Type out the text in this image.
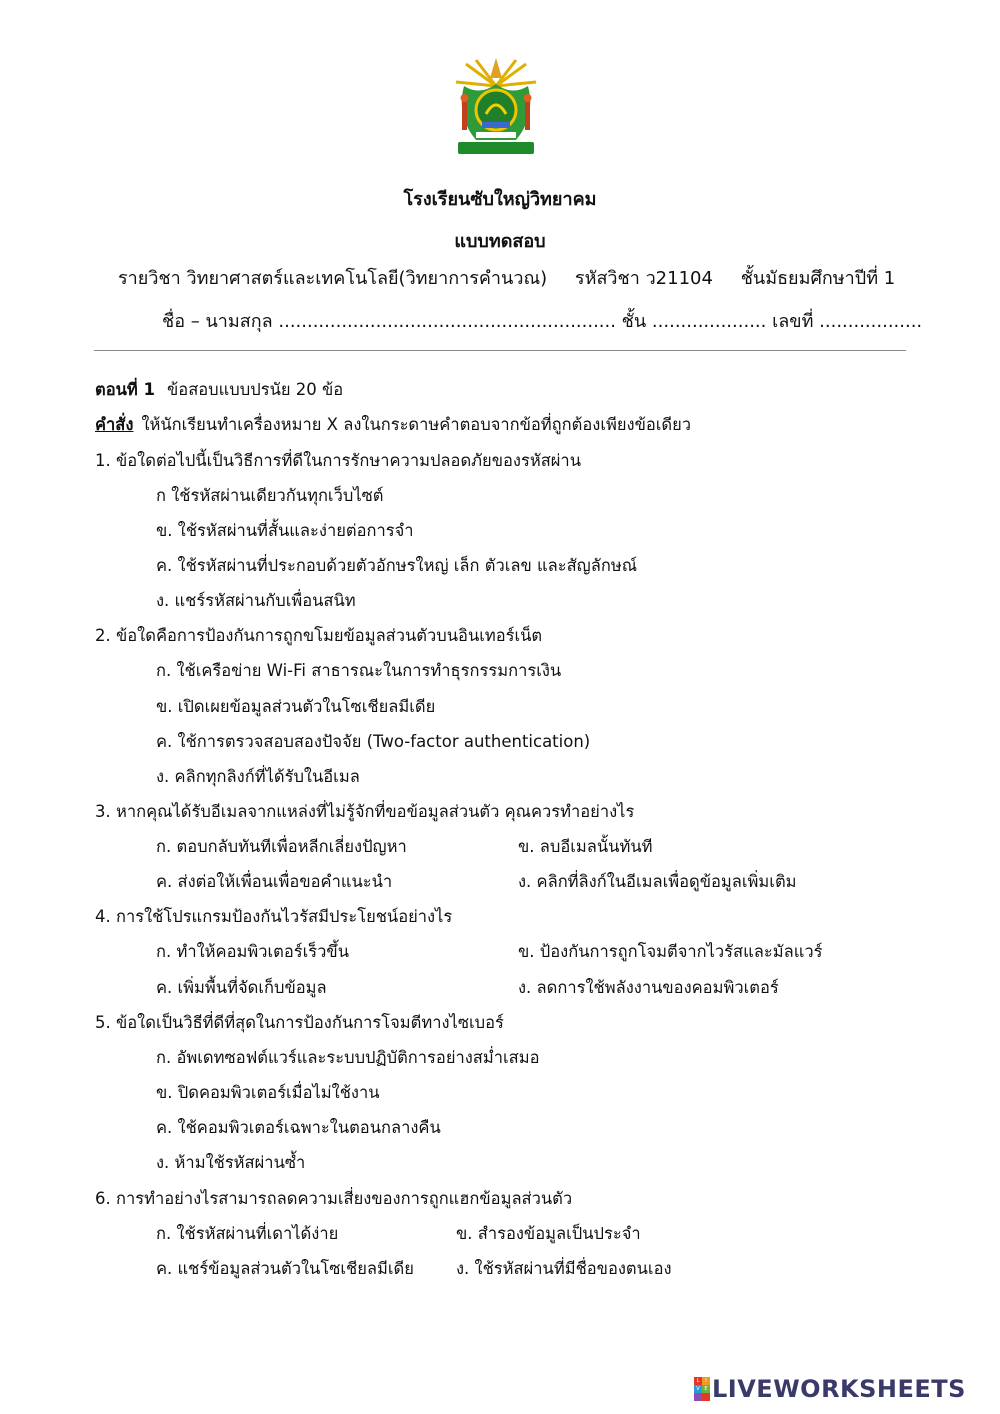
โรงเรียนซับใหญ่วิทยาคม
แบบทดสอบ
รายวิชา วิทยาศาสตร์และเทคโนโลยี(วิทยาการคำนวณ) รหัสวิชา ว21104 ชั้นมัธยมศึกษาปีที่ 1
ชื่อ – นามสกุล ........................................................... ชั้น .................... เลขที่ ..................
ตอนที่ 1 ข้อสอบแบบปรนัย 20 ข้อ
คำสั่ง ให้นักเรียนทำเครื่องหมาย X ลงในกระดาษคำตอบจากข้อที่ถูกต้องเพียงข้อเดียว
1. ข้อใดต่อไปนี้เป็นวิธีการที่ดีในการรักษาความปลอดภัยของรหัสผ่าน
ก ใช้รหัสผ่านเดียวกันทุกเว็บไซต์
ข. ใช้รหัสผ่านที่สั้นและง่ายต่อการจำ
ค. ใช้รหัสผ่านที่ประกอบด้วยตัวอักษรใหญ่ เล็ก ตัวเลข และสัญลักษณ์
ง. แชร์รหัสผ่านกับเพื่อนสนิท
2. ข้อใดคือการป้องกันการถูกขโมยข้อมูลส่วนตัวบนอินเทอร์เน็ต
ก. ใช้เครือข่าย Wi-Fi สาธารณะในการทำธุรกรรมการเงิน
ข. เปิดเผยข้อมูลส่วนตัวในโซเชียลมีเดีย
ค. ใช้การตรวจสอบสองปัจจัย (Two-factor authentication)
ง. คลิกทุกลิงก์ที่ได้รับในอีเมล
3. หากคุณได้รับอีเมลจากแหล่งที่ไม่รู้จักที่ขอข้อมูลส่วนตัว คุณควรทำอย่างไร
ก. ตอบกลับทันทีเพื่อหลีกเลี่ยงปัญหา	ข. ลบอีเมลนั้นทันที
ค. ส่งต่อให้เพื่อนเพื่อขอคำแนะนำ	ง. คลิกที่ลิงก์ในอีเมลเพื่อดูข้อมูลเพิ่มเติม
4. การใช้โปรแกรมป้องกันไวรัสมีประโยชน์อย่างไร
ก. ทำให้คอมพิวเตอร์เร็วขึ้น	ข. ป้องกันการถูกโจมตีจากไวรัสและมัลแวร์
ค. เพิ่มพื้นที่จัดเก็บข้อมูล	ง. ลดการใช้พลังงานของคอมพิวเตอร์
5. ข้อใดเป็นวิธีที่ดีที่สุดในการป้องกันการโจมตีทางไซเบอร์
ก. อัพเดทซอฟต์แวร์และระบบปฏิบัติการอย่างสม่ำเสมอ
ข. ปิดคอมพิวเตอร์เมื่อไม่ใช้งาน
ค. ใช้คอมพิวเตอร์เฉพาะในตอนกลางคืน
ง. ห้ามใช้รหัสผ่านซ้ำ
6. การทำอย่างไรสามารถลดความเสี่ยงของการถูกแฮกข้อมูลส่วนตัว
ก. ใช้รหัสผ่านที่เดาได้ง่าย	ข. สำรองข้อมูลเป็นประจำ
ค. แชร์ข้อมูลส่วนตัวในโซเชียลมีเดีย	ง. ใช้รหัสผ่านที่มีชื่อของตนเอง
L	I
V E LIVEWORKSHEETS
